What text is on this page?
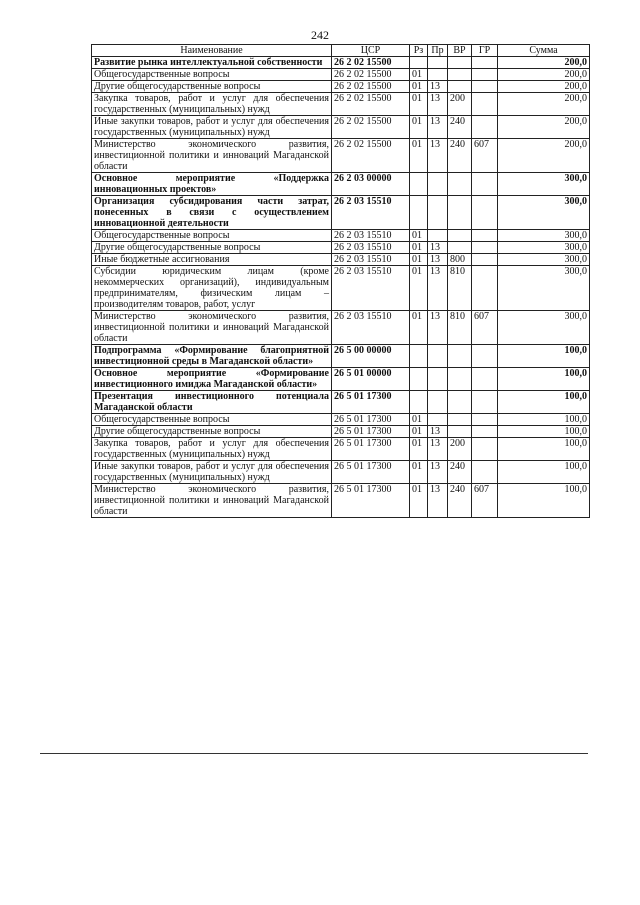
242
Наименование	ЦСР	Рз	Пр	ВР	ГР	Сумма
Развитие рынка интеллектуальной собственности	26 2 02 15500					200,0
Общегосударственные вопросы	26 2 02 15500	01				200,0
Другие общегосударственные вопросы	26 2 02 15500	01	13			200,0
Закупка товаров, работ и услуг для обеспечения государственных (муниципальных) нужд	26 2 02 15500	01	13	200		200,0
Иные закупки товаров, работ и услуг для обеспечения государственных (муниципальных) нужд	26 2 02 15500	01	13	240		200,0
Министерство экономического развития, инвестиционной политики и инноваций Магаданской области	26 2 02 15500	01	13	240	607	200,0
Основное мероприятие «Поддержка инновационных проектов»	26 2 03 00000					300,0
Организация субсидирования части затрат, понесенных в связи с осуществлением инновационной деятельности	26 2 03 15510					300,0
Общегосударственные вопросы	26 2 03 15510	01				300,0
Другие общегосударственные вопросы	26 2 03 15510	01	13			300,0
Иные бюджетные ассигнования	26 2 03 15510	01	13	800		300,0
Субсидии юридическим лицам (кроме некоммерческих организаций), индивидуальным предпринимателям, физическим лицам – производителям товаров, работ, услуг	26 2 03 15510	01	13	810		300,0
Министерство экономического развития, инвестиционной политики и инноваций Магаданской области	26 2 03 15510	01	13	810	607	300,0
Подпрограмма «Формирование благоприятной инвестиционной среды в Магаданской области»	26 5 00 00000					100,0
Основное мероприятие «Формирование инвестиционного имиджа Магаданской области»	26 5 01 00000					100,0
Презентация инвестиционного потенциала Магаданской области	26 5 01 17300					100,0
Общегосударственные вопросы	26 5 01 17300	01				100,0
Другие общегосударственные вопросы	26 5 01 17300	01	13			100,0
Закупка товаров, работ и услуг для обеспечения государственных (муниципальных) нужд	26 5 01 17300	01	13	200		100,0
Иные закупки товаров, работ и услуг для обеспечения государственных (муниципальных) нужд	26 5 01 17300	01	13	240		100,0
Министерство экономического развития, инвестиционной политики и инноваций Магаданской области	26 5 01 17300	01	13	240	607	100,0
